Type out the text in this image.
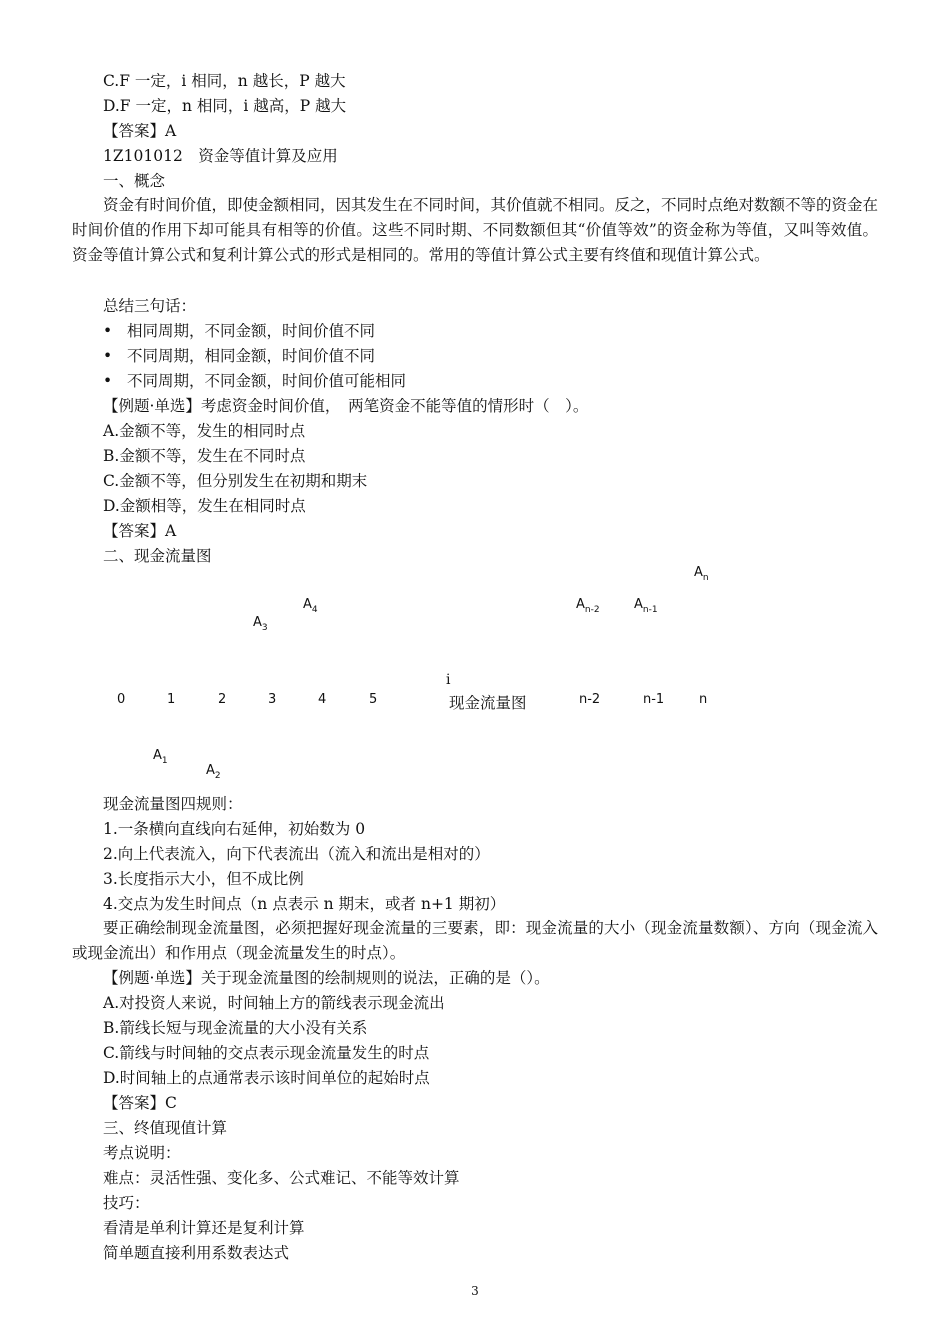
C.F 一定，i 相同，n 越长，P 越大
D.F 一定，n 相同，i 越高，P 越大
【答案】A
1Z101012　资金等值计算及应用
一、概念
资金有时间价值，即使金额相同，因其发生在不同时间，其价值就不相同。反之，不同时点绝对数额不等的资金在时间价值的作用下却可能具有相等的价值。这些不同时期、不同数额但其“价值等效”的资金称为等值，又叫等效值。资金等值计算公式和复利计算公式的形式是相同的。常用的等值计算公式主要有终值和现值计算公式。
总结三句话：
• 相同周期，不同金额，时间价值不同
• 不同周期，相同金额，时间价值不同
• 不同周期，不同金额，时间价值可能相同
【例题·单选】考虑资金时间价值，　两笔资金不能等值的情形时（　）。
A.金额不等，发生的相同时点
B.金额不等，发生在不同时点
C.金额不等，但分别发生在初期和期末
D.金额相等，发生在相同时点
【答案】A
二、现金流量图
$A_n$
$A_4$	$A_{n-2}$	$A_{n-1}$
$A_3$
i
0	1	2	3	4	5	现金流量图	n-2	n-1	n
$A_1$
$A_2$
现金流量图四规则：
1.一条横向直线向右延伸，初始数为 0
2.向上代表流入，向下代表流出（流入和流出是相对的）
3.长度指示大小，但不成比例
4.交点为发生时间点（n 点表示 n 期末，或者 n+1 期初）
要正确绘制现金流量图，必须把握好现金流量的三要素，即：现金流量的大小（现金流量数额）、方向（现金流入或现金流出）和作用点（现金流量发生的时点）。
【例题·单选】关于现金流量图的绘制规则的说法，正确的是（）。
A.对投资人来说，时间轴上方的箭线表示现金流出
B.箭线长短与现金流量的大小没有关系
C.箭线与时间轴的交点表示现金流量发生的时点
D.时间轴上的点通常表示该时间单位的起始时点
【答案】C
三、终值现值计算
考点说明：
难点：灵活性强、变化多、公式难记、不能等效计算
技巧：
看清是单利计算还是复利计算
简单题直接利用系数表达式
3
